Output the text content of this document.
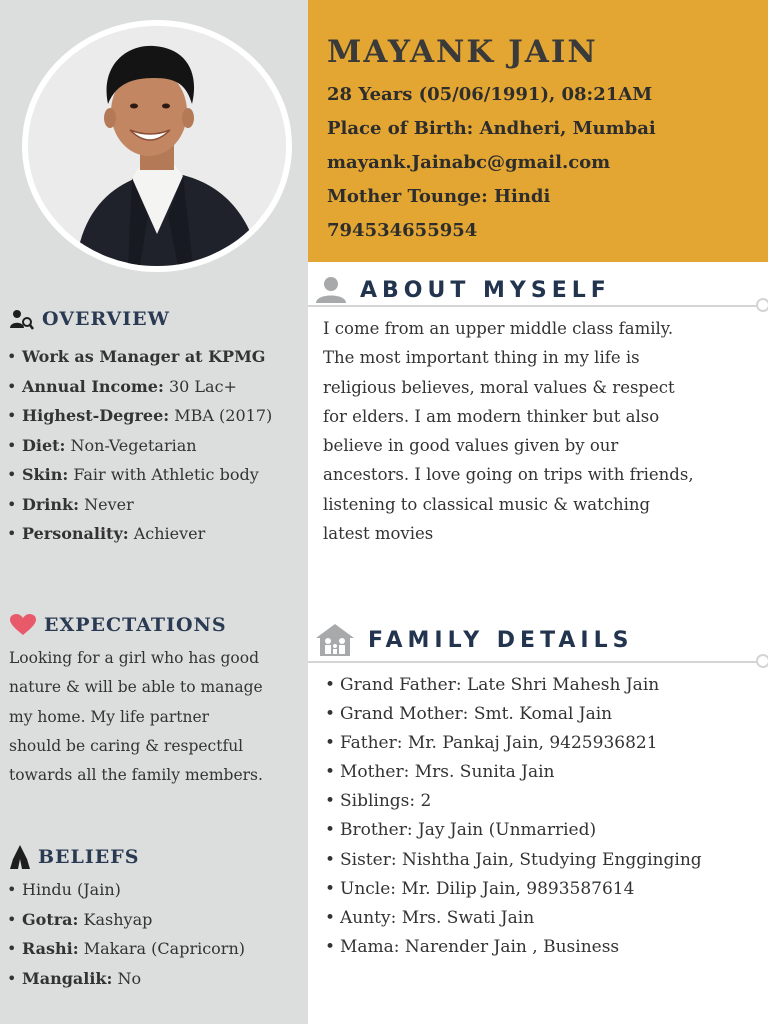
MAYANK JAIN
28 Years (05/06/1991), 08:21AM
Place of Birth: Andheri, Mumbai
mayank.Jainabc@gmail.com
Mother Tounge: Hindi
794534655954
OVERVIEW
• Work as Manager at KPMG
• Annual Income: 30 Lac+
• Highest-Degree: MBA (2017)
• Diet: Non-Vegetarian
• Skin: Fair with Athletic body
• Drink: Never
• Personality: Achiever
EXPECTATIONS

Looking for a girl who has good

nature & will be able to manage

my home. My life partner

should be caring & respectful

towards all the family members.

BELIEFS
• Hindu (Jain)
• Gotra: Kashyap
• Rashi: Makara (Capricorn)
• Mangalik: No
ABOUT MYSELF

I come from an upper middle class family.

The most important thing in my life is

religious believes, moral values & respect

for elders. I am modern thinker but also

believe in good values given by our

ancestors. I love going on trips with friends,

listening to classical music & watching

latest movies

FAMILY DETAILS
• Grand Father: Late Shri Mahesh Jain
• Grand Mother: Smt. Komal Jain
• Father: Mr. Pankaj Jain, 9425936821
• Mother: Mrs. Sunita Jain
• Siblings: 2
• Brother: Jay Jain (Unmarried)
• Sister: Nishtha Jain, Studying Engginging
• Uncle: Mr. Dilip Jain, 9893587614
• Aunty: Mrs. Swati Jain
• Mama: Narender Jain , Business
